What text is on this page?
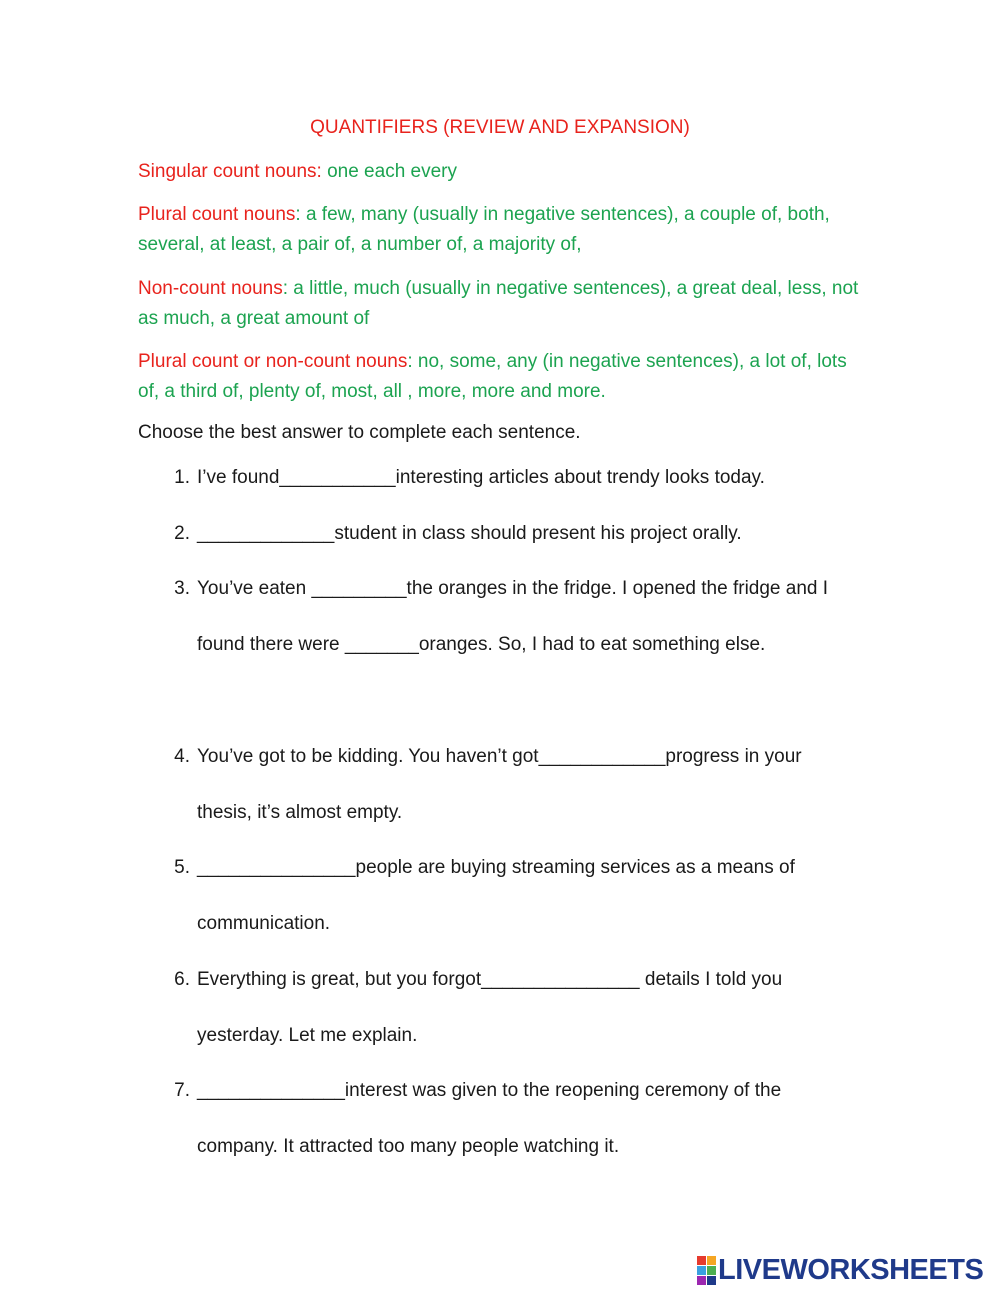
QUANTIFIERS (REVIEW AND EXPANSION)
Singular count nouns: one each every
Plural count nouns: a few, many (usually in negative sentences), a couple of, both, several, at least, a pair of, a number of, a majority of,
Non-count nouns: a little, much (usually in negative sentences), a great deal, less, not as much, a great amount of
Plural count or non-count nouns: no, some, any (in negative sentences), a lot of, lots of, a third of, plenty of, most, all , more, more and more.
Choose the best answer to complete each sentence.
1. I’ve found___________interesting articles about trendy looks today.
2. _____________student in class should present his project orally.
3. You’ve eaten _________the oranges in the fridge. I opened the fridge and I found there were _______oranges. So, I had to eat something else.
4. You’ve got to be kidding. You haven’t got____________progress in your thesis, it’s almost empty.
5. _______________people are buying streaming services as a means of communication.
6. Everything is great, but you forgot_______________ details I told you yesterday. Let me explain.
7. ______________interest was given to the reopening ceremony of the company. It attracted too many people watching it.
LIVEWORKSHEETS
